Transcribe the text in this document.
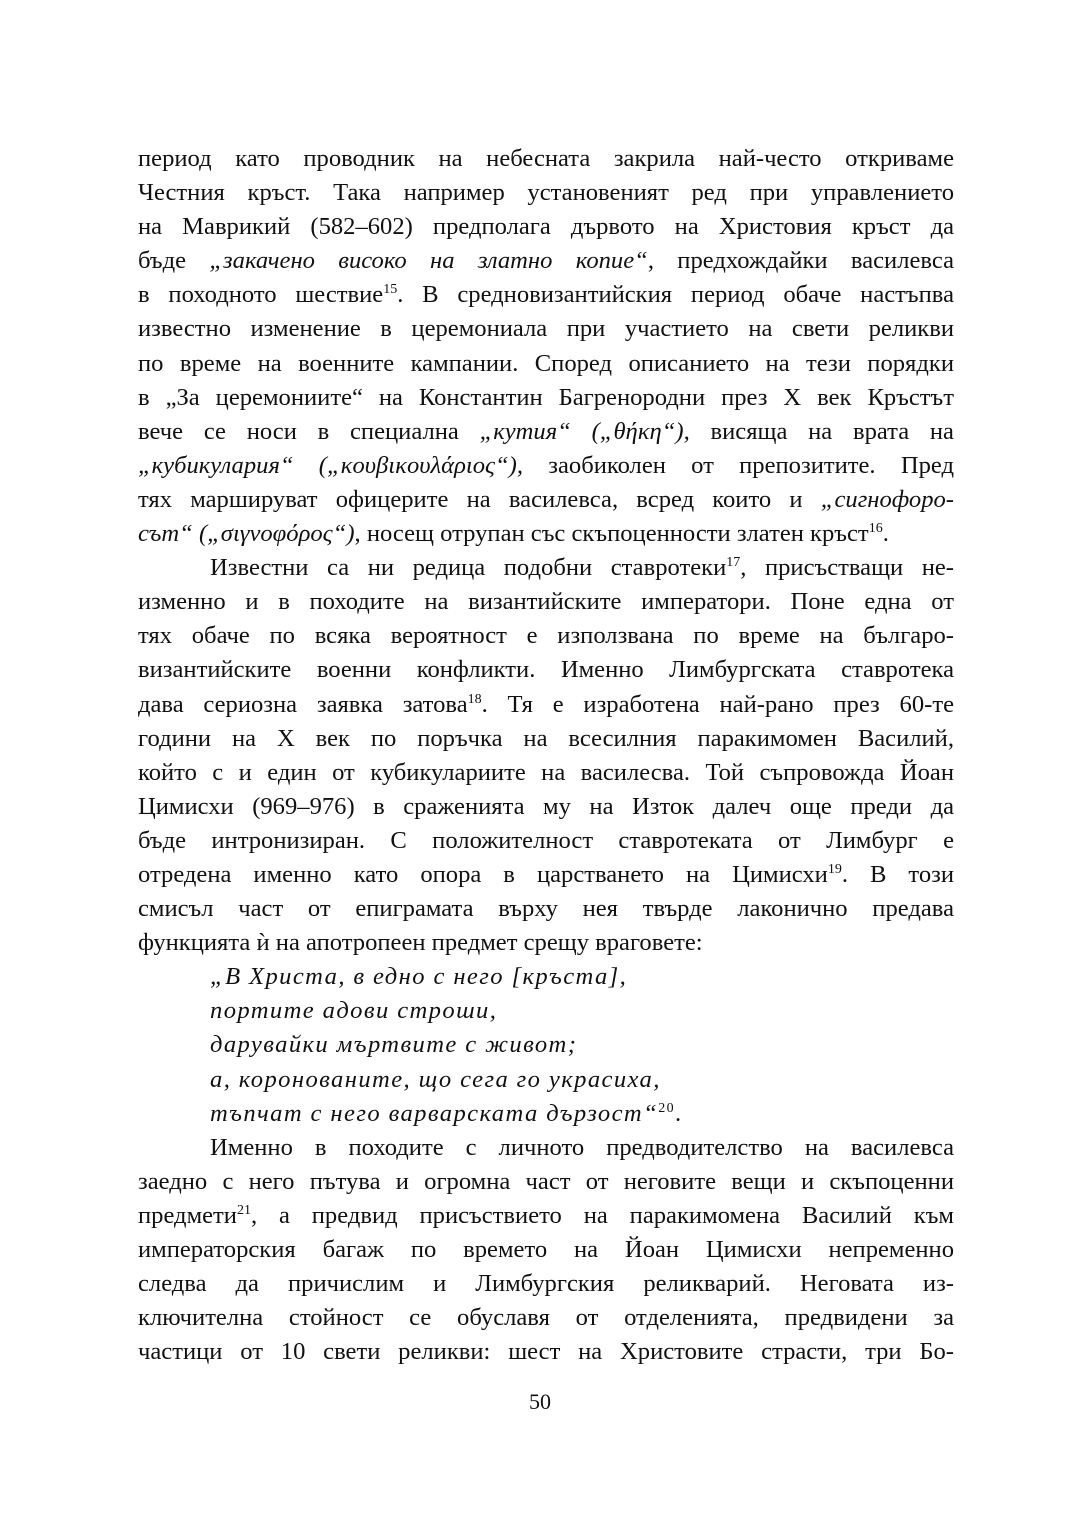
период като проводник на небесната закрила най-често откриваме
Честния кръст. Така например установеният ред при управлението
на Маврикий (582–602) предполага дървото на Христовия кръст да
бъде „закачено високо на златно копие“, предхождайки василевса
в походното шествие$^{15}$. В средновизантийския период обаче настъпва
известно изменение в церемониала при участието на свети реликви
по време на военните кампании. Според описанието на тези порядки
в „За церемониите“ на Константин Багренородни през X век Кръстът
вече се носи в специална „кутия“ („θήκη“), висяща на врата на
„кубикулария“ („κουβικουλάριος“), заобиколен от препозитите. Пред
тях маршируват офицерите на василевса, всред които и „сигнофоро-
сът“ („σιγνοφόρος“), носещ отрупан със скъпоценности златен кръст$^{16}$.
Известни са ни редица подобни ставротеки$^{17}$, присъстващи не-
изменно и в походите на византийските императори. Поне една от
тях обаче по всяка вероятност е използвана по време на българо-
византийските военни конфликти. Именно Лимбургската ставротека
дава сериозна заявка затова$^{18}$. Тя е изработена най-рано през 60-те
години на X век по поръчка на всесилния паракимомен Василий,
който с и един от кубикулариите на василесва. Той съпровожда Йоан
Цимисхи (969–976) в сраженията му на Изток далеч още преди да
бъде интронизиран. С положителност ставротеката от Лимбург е
отредена именно като опора в царстването на Цимисхи$^{19}$. В този
смисъл част от епиграмата върху нея твърде лаконично предава
функцията ѝ на апотропеен предмет срещу враговете:
„В Христа, в едно с него [кръста],
портите адови строши,
дарувайки мъртвите с живот;
а, коронованите, що сега го украсиха,
тъпчат с него варварската дързост“$^{20}$.
Именно в походите с личното предводителство на василевса
заедно с него пътува и огромна част от неговите вещи и скъпоценни
предмети$^{21}$, а предвид присъствието на паракимомена Василий към
императорския багаж по времето на Йоан Цимисхи непременно
следва да причислим и Лимбургския реликварий. Неговата из-
ключителна стойност се обуславя от отделенията, предвидени за
частици от 10 свети реликви: шест на Христовите страсти, три Бо-
50
